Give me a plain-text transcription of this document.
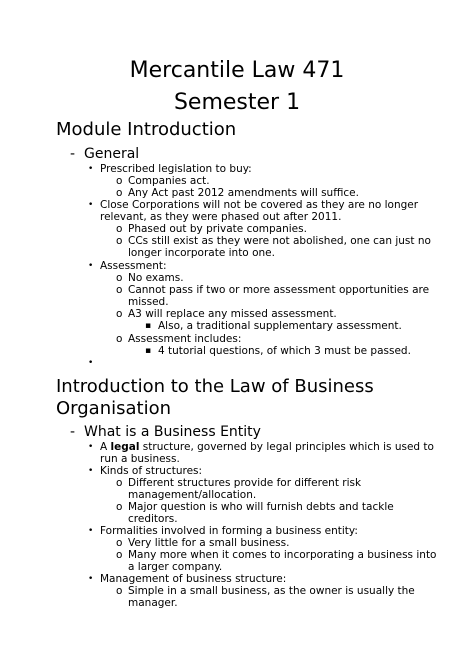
Mercantile Law 471
Semester 1
Module Introduction
- General
• Prescribed legislation to buy:
o Companies act.
o Any Act past 2012 amendments will suffice.
• Close Corporations will not be covered as they are no longer
relevant, as they were phased out after 2011.
o Phased out by private companies.
o CCs still exist as they were not abolished, one can just no
longer incorporate into one.
• Assessment:
o No exams.
o Cannot pass if two or more assessment opportunities are
missed.
o A3 will replace any missed assessment.
▪ Also, a traditional supplementary assessment.
o Assessment includes:
▪ 4 tutorial questions, of which 3 must be passed.
•
Introduction to the Law of Business
Organisation
- What is a Business Entity
• A legal structure, governed by legal principles which is used to
run a business.
• Kinds of structures:
o Different structures provide for different risk
management/allocation.
o Major question is who will furnish debts and tackle
creditors.
• Formalities involved in forming a business entity:
o Very little for a small business.
o Many more when it comes to incorporating a business into
a larger company.
• Management of business structure:
o Simple in a small business, as the owner is usually the
manager.
